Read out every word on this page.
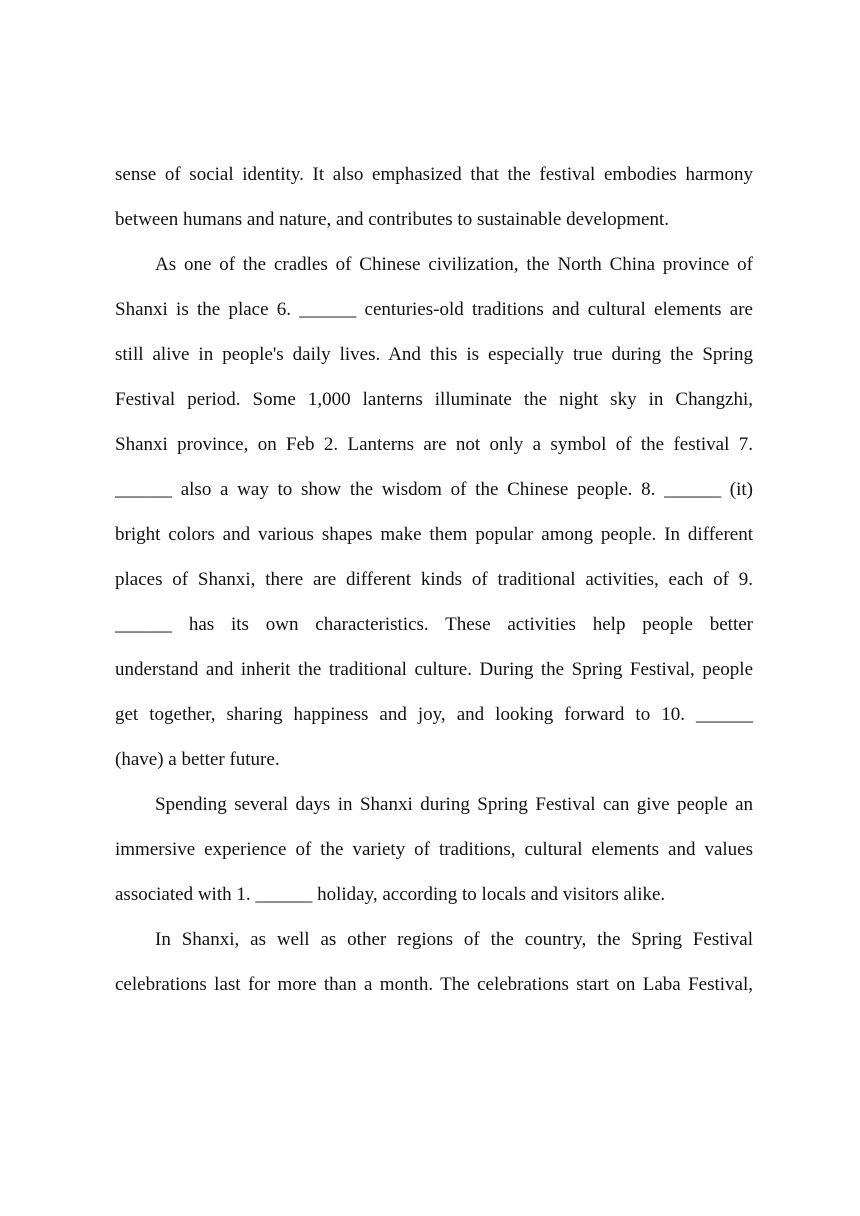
sense of social identity. It also emphasized that the festival embodies harmony
between humans and nature, and contributes to sustainable development.
As one of the cradles of Chinese civilization, the North China province of
Shanxi is the place 6. ______ centuries-old traditions and cultural elements are
still alive in people's daily lives. And this is especially true during the Spring
Festival period. Some 1,000 lanterns illuminate the night sky in Changzhi,
Shanxi province, on Feb 2. Lanterns are not only a symbol of the festival 7.
______ also a way to show the wisdom of the Chinese people. 8. ______ (it)
bright colors and various shapes make them popular among people. In different
places of Shanxi, there are different kinds of traditional activities, each of 9.
______ has its own characteristics. These activities help people better
understand and inherit the traditional culture. During the Spring Festival, people
get together, sharing happiness and joy, and looking forward to 10. ______
(have) a better future.
Spending several days in Shanxi during Spring Festival can give people an
immersive experience of the variety of traditions, cultural elements and values
associated with 1. ______ holiday, according to locals and visitors alike.
In Shanxi, as well as other regions of the country, the Spring Festival
celebrations last for more than a month. The celebrations start on Laba Festival,
